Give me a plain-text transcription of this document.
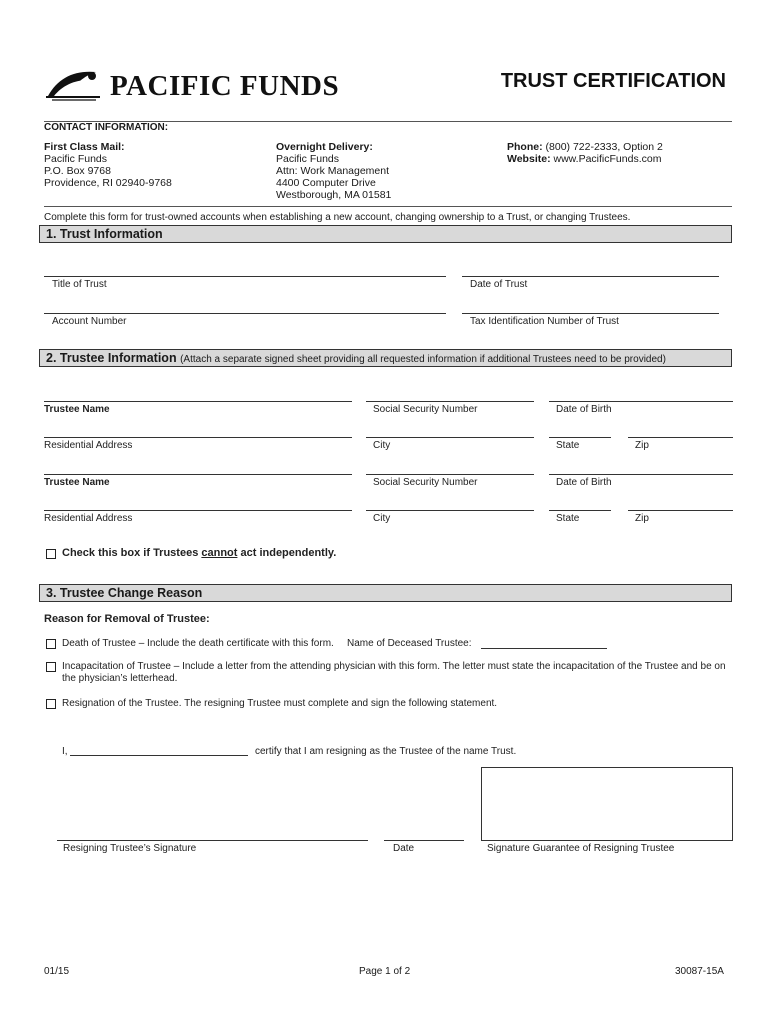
PACIFIC FUNDS	TRUST CERTIFICATION
CONTACT INFORMATION:
First Class Mail:
Pacific Funds
P.O. Box 9768
Providence, RI 02940-9768
Overnight Delivery:
Pacific Funds
Attn: Work Management
4400 Computer Drive
Westborough, MA 01581
Phone: (800) 722-2333, Option 2
Website: www.PacificFunds.com
Complete this form for trust-owned accounts when establishing a new account, changing ownership to a Trust, or changing Trustees.
1. Trust Information
Title of Trust	Date of Trust
Account Number	Tax Identification Number of Trust
2. Trustee Information (Attach a separate signed sheet providing all requested information if additional Trustees need to be provided)
Trustee Name	Social Security Number	Date of Birth
Residential Address	City	State	Zip
Trustee Name	Social Security Number	Date of Birth
Residential Address	City	State	Zip
Check this box if Trustees cannot act independently.
3. Trustee Change Reason
Reason for Removal of Trustee:
Death of Trustee – Include the death certificate with this form. Name of Deceased Trustee:
Incapacitation of Trustee – Include a letter from the attending physician with this form. The letter must state the incapacitation of the Trustee and be on the physician’s letterhead.
Resignation of the Trustee. The resigning Trustee must complete and sign the following statement.
I,	certify that I am resigning as the Trustee of the name Trust.
Resigning Trustee’s Signature	Date	Signature Guarantee of Resigning Trustee
01/15	Page 1 of 2	30087-15A
